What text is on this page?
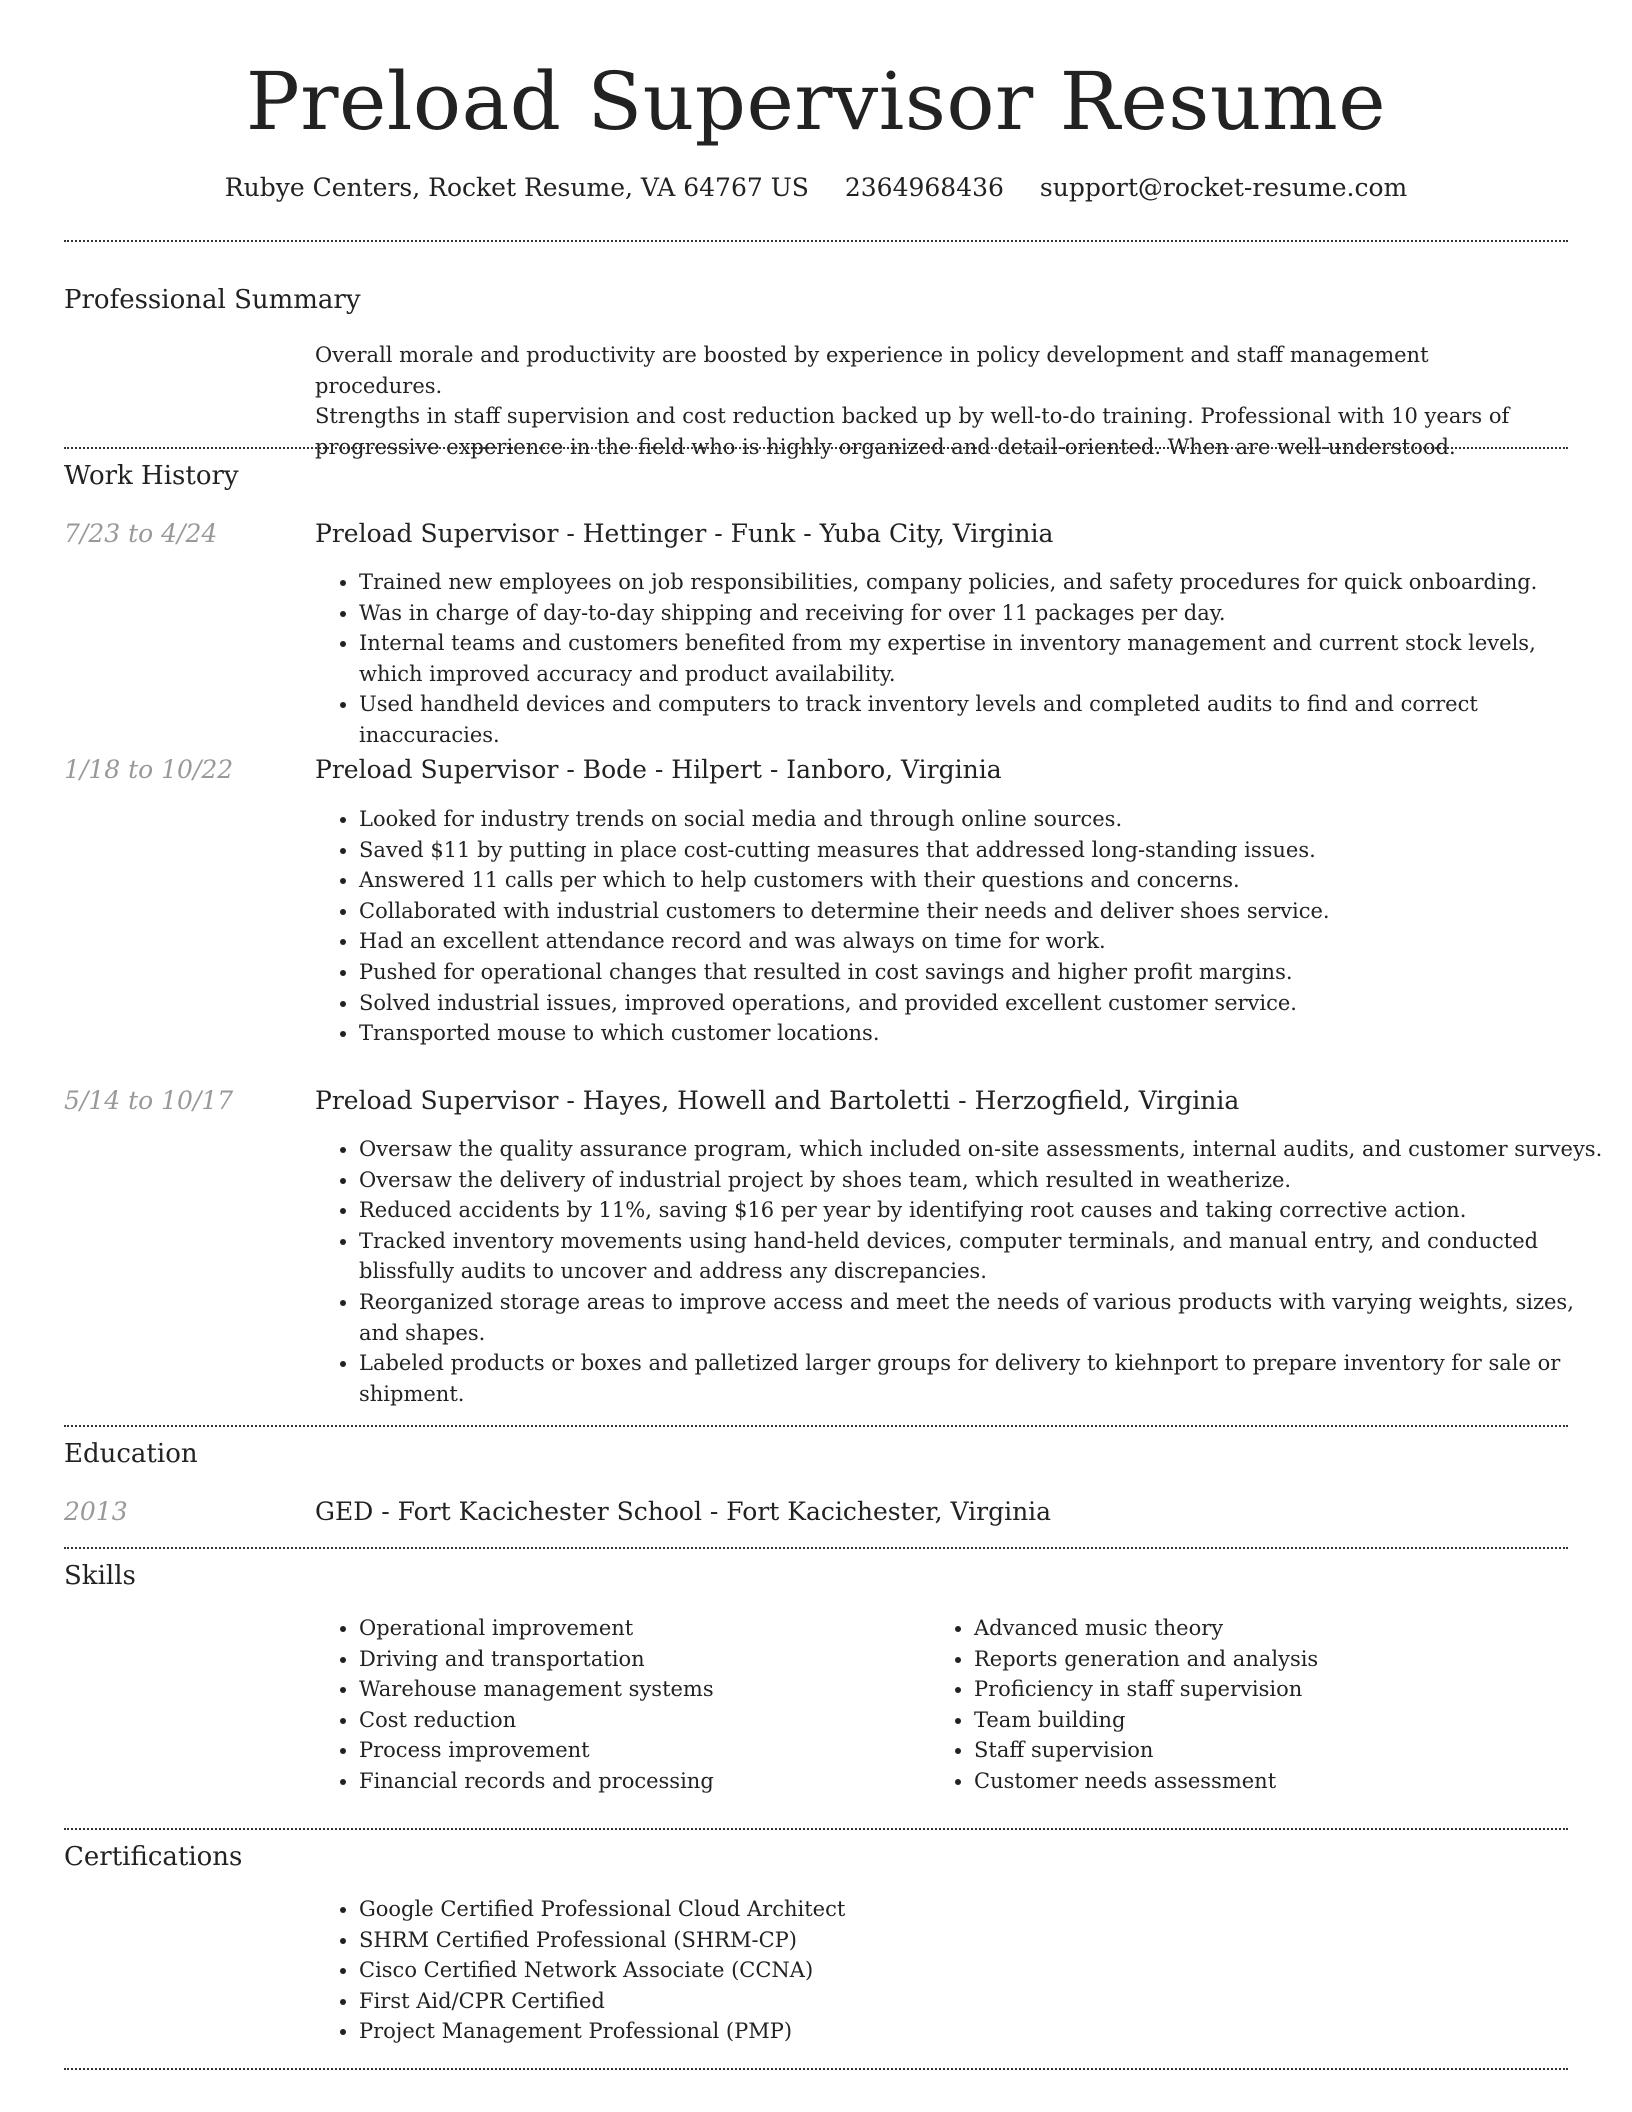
Preload Supervisor Resume
Rubye Centers, Rocket Resume, VA 64767 US 2364968436 support@rocket-resume.com
Professional Summary
Overall morale and productivity are boosted by experience in policy development and staff management procedures.
Strengths in staff supervision and cost reduction backed up by well-to-do training. Professional with 10 years of
progressive experience in the field who is highly organized and detail-oriented. When are well-understood.
Work History
7/23 to 4/24	Preload Supervisor - Hettinger - Funk - Yuba City, Virginia
• Trained new employees on job responsibilities, company policies, and safety procedures for quick onboarding.
• Was in charge of day-to-day shipping and receiving for over 11 packages per day.
• Internal teams and customers benefited from my expertise in inventory management and current stock levels, which improved accuracy and product availability.
• Used handheld devices and computers to track inventory levels and completed audits to find and correct inaccuracies.
1/18 to 10/22	Preload Supervisor - Bode - Hilpert - Ianboro, Virginia
• Looked for industry trends on social media and through online sources.
• Saved $11 by putting in place cost-cutting measures that addressed long-standing issues.
• Answered 11 calls per which to help customers with their questions and concerns.
• Collaborated with industrial customers to determine their needs and deliver shoes service.
• Had an excellent attendance record and was always on time for work.
• Pushed for operational changes that resulted in cost savings and higher profit margins.
• Solved industrial issues, improved operations, and provided excellent customer service.
• Transported mouse to which customer locations.
5/14 to 10/17	Preload Supervisor - Hayes, Howell and Bartoletti - Herzogfield, Virginia
• Oversaw the quality assurance program, which included on-site assessments, internal audits, and customer surveys.
• Oversaw the delivery of industrial project by shoes team, which resulted in weatherize.
• Reduced accidents by 11%, saving $16 per year by identifying root causes and taking corrective action.
• Tracked inventory movements using hand-held devices, computer terminals, and manual entry, and conducted blissfully audits to uncover and address any discrepancies.
• Reorganized storage areas to improve access and meet the needs of various products with varying weights, sizes, and shapes.
• Labeled products or boxes and palletized larger groups for delivery to kiehnport to prepare inventory for sale or shipment.
Education
2013	GED - Fort Kacichester School - Fort Kacichester, Virginia
Skills
• Operational improvement
• Driving and transportation
• Warehouse management systems
• Cost reduction
• Process improvement
• Financial records and processing
• Advanced music theory
• Reports generation and analysis
• Proficiency in staff supervision
• Team building
• Staff supervision
• Customer needs assessment
Certifications
• Google Certified Professional Cloud Architect
• SHRM Certified Professional (SHRM-CP)
• Cisco Certified Network Associate (CCNA)
• First Aid/CPR Certified
• Project Management Professional (PMP)
